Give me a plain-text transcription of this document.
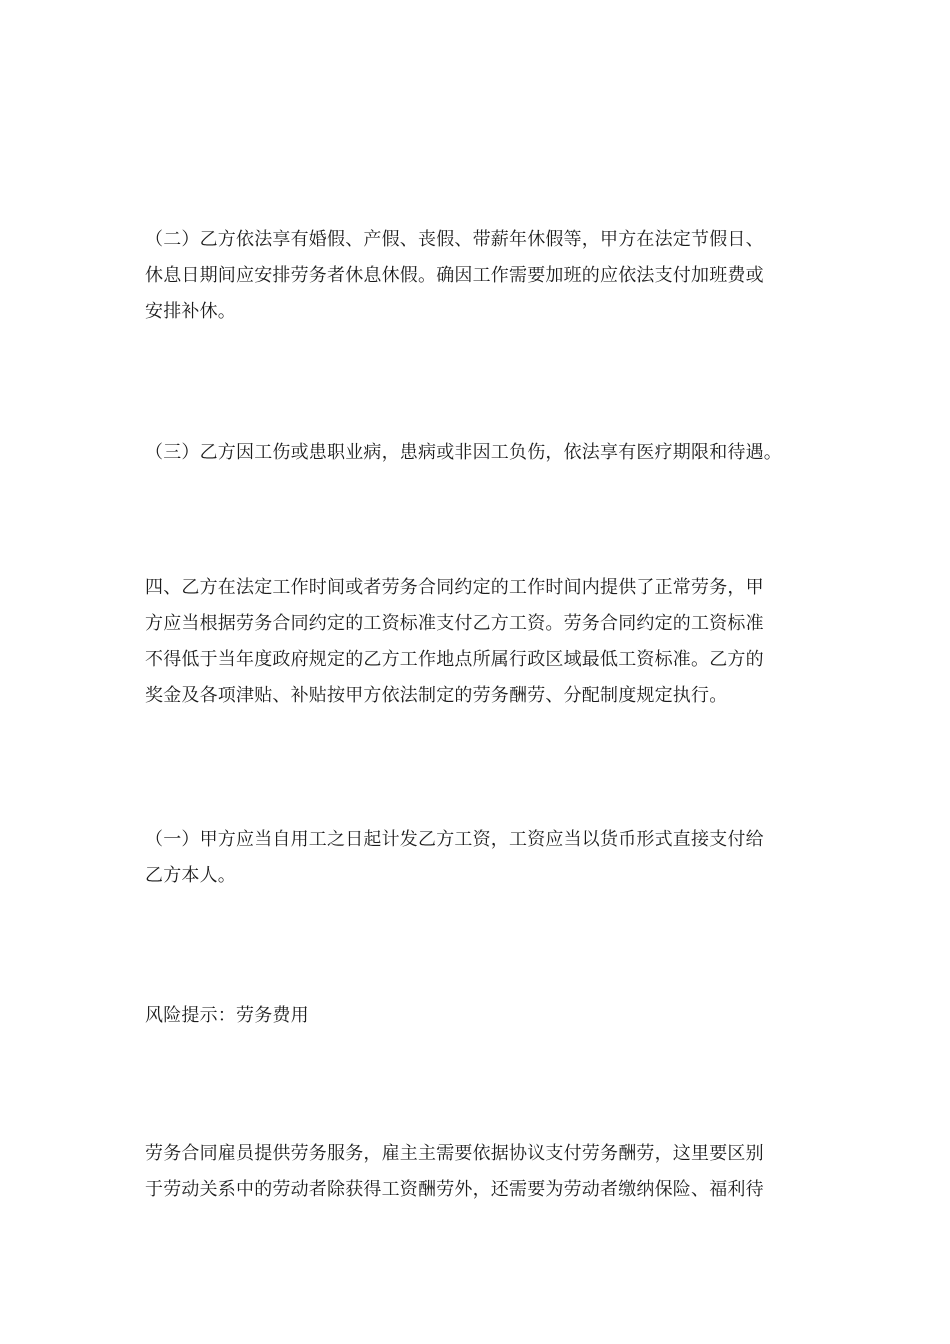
（二）乙方依法享有婚假、产假、丧假、带薪年休假等，甲方在法定节假日、
休息日期间应安排劳务者休息休假。确因工作需要加班的应依法支付加班费或
安排补休。

（三）乙方因工伤或患职业病，患病或非因工负伤，依法享有医疗期限和待遇。

四、乙方在法定工作时间或者劳务合同约定的工作时间内提供了正常劳务，甲
方应当根据劳务合同约定的工资标准支付乙方工资。劳务合同约定的工资标准
不得低于当年度政府规定的乙方工作地点所属行政区域最低工资标准。乙方的
奖金及各项津贴、补贴按甲方依法制定的劳务酬劳、分配制度规定执行。

（一）甲方应当自用工之日起计发乙方工资，工资应当以货币形式直接支付给
乙方本人。

风险提示：劳务费用

劳务合同雇员提供劳务服务，雇主主需要依据协议支付劳务酬劳，这里要区别
于劳动关系中的劳动者除获得工资酬劳外，还需要为劳动者缴纳保险、福利待
